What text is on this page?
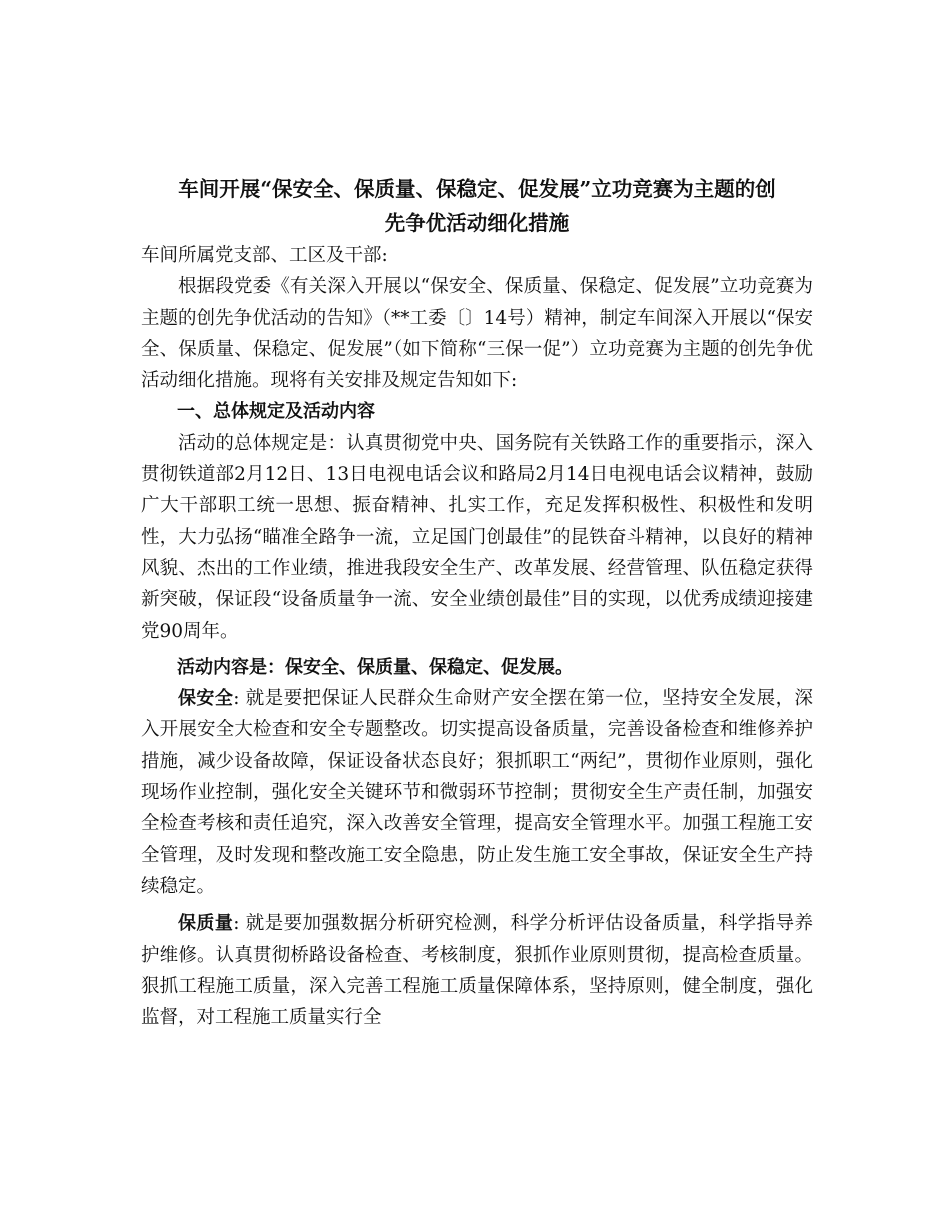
车间开展“保安全、保质量、保稳定、促发展”立功竞赛为主题的创
先争优活动细化措施

车间所属党支部、工区及干部:

根据段党委《有关深入开展以“保安全、保质量、保稳定、促发展”立功竞赛为主题的创先争优活动的告知》（**工委〔〕14号）精神，制定车间深入开展以“保安全、保质量、保稳定、促发展”（如下简称“三保一促”）立功竞赛为主题的创先争优活动细化措施。现将有关安排及规定告知如下:

一、总体规定及活动内容

活动的总体规定是：认真贯彻党中央、国务院有关铁路工作的重要指示，深入贯彻铁道部2月12日、13日电视电话会议和路局2月14日电视电话会议精神，鼓励广大干部职工统一思想、振奋精神、扎实工作，充足发挥积极性、积极性和发明性，大力弘扬“瞄准全路争一流，立足国门创最佳”的昆铁奋斗精神，以良好的精神风貌、杰出的工作业绩，推进我段安全生产、改革发展、经营管理、队伍稳定获得新突破，保证段“设备质量争一流、安全业绩创最佳”目的实现，以优秀成绩迎接建党90周年。

活动内容是：保安全、保质量、保稳定、促发展。

保安全: 就是要把保证人民群众生命财产安全摆在第一位，坚持安全发展，深入开展安全大检查和安全专题整改。切实提高设备质量，完善设备检查和维修养护措施，减少设备故障，保证设备状态良好；狠抓职工“两纪”，贯彻作业原则，强化现场作业控制，强化安全关键环节和微弱环节控制；贯彻安全生产责任制，加强安全检查考核和责任追究，深入改善安全管理，提高安全管理水平。加强工程施工安全管理，及时发现和整改施工安全隐患，防止发生施工安全事故，保证安全生产持续稳定。

保质量: 就是要加强数据分析研究检测，科学分析评估设备质量，科学指导养护维修。认真贯彻桥路设备检查、考核制度，狠抓作业原则贯彻，提高检查质量。狠抓工程施工质量，深入完善工程施工质量保障体系，坚持原则，健全制度，强化监督，对工程施工质量实行全
